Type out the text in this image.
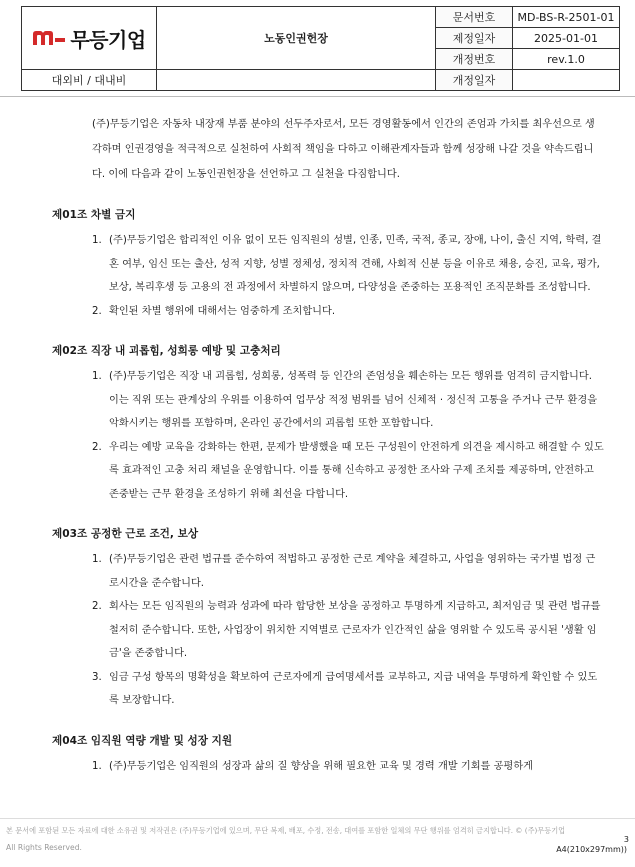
무등기업	노동인권헌장	문서번호	MD-BS-R-2501-01
		제정일자	2025-01-01
		개정번호	rev.1.0
대외비 / 대내비		개정일자	

(주)무등기업은 자동차 내장재 부품 분야의 선두주자로서, 모든 경영활동에서 인간의 존엄과 가치를 최우선으로 생각하며 인권경영을 적극적으로 실천하여 사회적 책임을 다하고 이해관계자들과 함께 성장해 나갈 것을 약속드립니다. 이에 다음과 같이 노동인권헌장을 선언하고 그 실천을 다짐합니다.

제01조 차별 금지
1. (주)무등기업은 합리적인 이유 없이 모든 임직원의 성별, 인종, 민족, 국적, 종교, 장애, 나이, 출신 지역, 학력, 결혼 여부, 임신 또는 출산, 성적 지향, 성별 정체성, 정치적 견해, 사회적 신분 등을 이유로 채용, 승진, 교육, 평가, 보상, 복리후생 등 고용의 전 과정에서 차별하지 않으며, 다양성을 존중하는 포용적인 조직문화를 조성합니다.
2. 확인된 차별 행위에 대해서는 엄중하게 조치합니다.
제02조 직장 내 괴롭힘, 성희롱 예방 및 고충처리
1. (주)무등기업은 직장 내 괴롭힘, 성희롱, 성폭력 등 인간의 존엄성을 훼손하는 모든 행위를 엄격히 금지합니다. 이는 직위 또는 관계상의 우위를 이용하여 업무상 적정 범위를 넘어 신체적 · 정신적 고통을 주거나 근무 환경을 악화시키는 행위를 포함하며, 온라인 공간에서의 괴롭힘 또한 포함합니다.
2. 우리는 예방 교육을 강화하는 한편, 문제가 발생했을 때 모든 구성원이 안전하게 의견을 제시하고 해결할 수 있도록 효과적인 고충 처리 채널을 운영합니다. 이를 통해 신속하고 공정한 조사와 구제 조치를 제공하며, 안전하고 존중받는 근무 환경을 조성하기 위해 최선을 다합니다.
제03조 공정한 근로 조건, 보상
1. (주)무등기업은 관련 법규를 준수하여 적법하고 공정한 근로 계약을 체결하고, 사업을 영위하는 국가별 법정 근로시간을 준수합니다.
2. 회사는 모든 임직원의 능력과 성과에 따라 합당한 보상을 공정하고 투명하게 지급하고, 최저임금 및 관련 법규를 철저히 준수합니다. 또한, 사업장이 위치한 지역별로 근로자가 인간적인 삶을 영위할 수 있도록 공시된 '생활 임금'을 존중합니다.
3. 임금 구성 항목의 명확성을 확보하여 근로자에게 급여명세서를 교부하고, 지급 내역을 투명하게 확인할 수 있도록 보장합니다.
제04조 임직원 역량 개발 및 성장 지원
1. (주)무등기업은 임직원의 성장과 삶의 질 향상을 위해 필요한 교육 및 경력 개발 기회를 공평하게
본 문서에 포함된 모든 자료에 대한 소유권 및 저작권은 (주)무등기업에 있으며, 무단 복제, 배포, 수정, 전송, 대여를 포함한 일체의 무단 행위를 엄격히 금지합니다. © (주)무등기업
All Rights Reserved.
3
A4(210x297mm))
